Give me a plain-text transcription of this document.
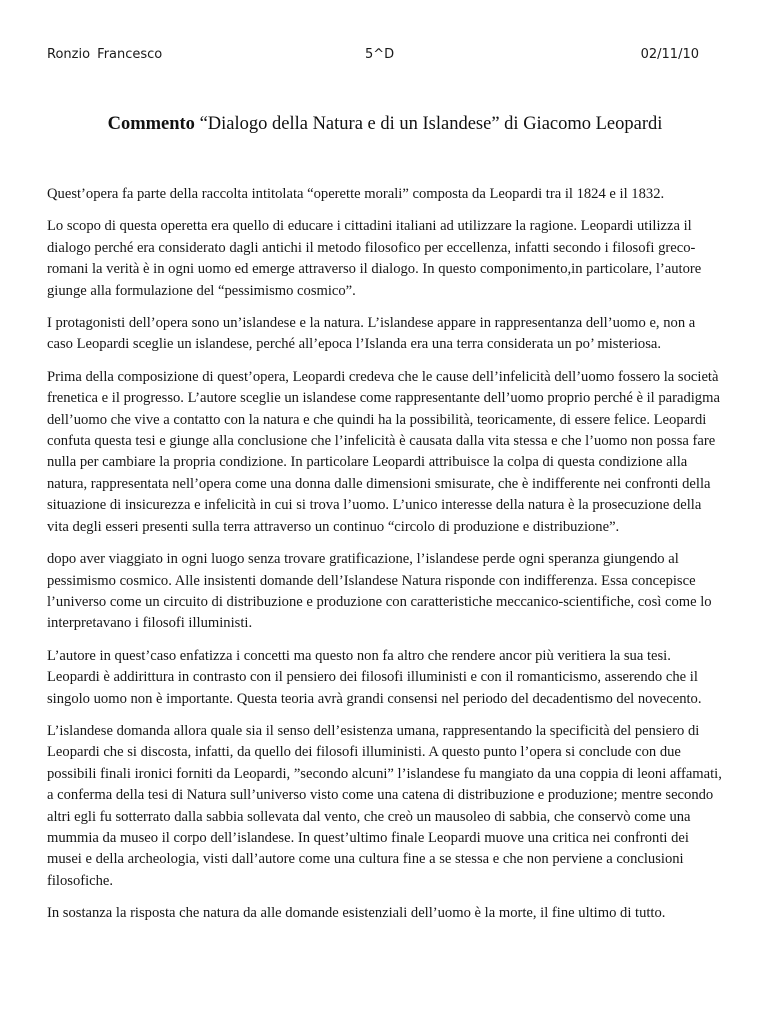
Ronzio Francesco	5^D	02/11/10
Commento “Dialogo della Natura e di un Islandese” di Giacomo Leopardi

Quest’opera fa parte della raccolta intitolata “operette morali” composta da Leopardi tra il 1824 e il 1832.

Lo scopo di questa operetta era quello di educare i cittadini italiani ad utilizzare la ragione. Leopardi utilizza il dialogo perché era considerato dagli antichi il metodo filosofico per eccellenza, infatti secondo i filosofi greco-romani la verità è in ogni uomo ed emerge attraverso il dialogo. In questo componimento,in particolare, l’autore giunge alla formulazione del “pessimismo cosmico”.

I protagonisti dell’opera sono un’islandese e la natura. L’islandese appare in rappresentanza dell’uomo e, non a caso Leopardi sceglie un islandese, perché all’epoca l’Islanda era una terra considerata un po’ misteriosa.

Prima della composizione di quest’opera, Leopardi credeva che le cause dell’infelicità dell’uomo fossero la società frenetica e il progresso. L’autore sceglie un islandese come rappresentante dell’uomo proprio perché è il paradigma dell’uomo che vive a contatto con la natura e che quindi ha la possibilità, teoricamente, di essere felice. Leopardi confuta questa tesi e giunge alla conclusione che l’infelicità è causata dalla vita stessa e che l’uomo non possa fare nulla per cambiare la propria condizione. In particolare Leopardi attribuisce la colpa di questa condizione alla natura, rappresentata nell’opera come una donna dalle dimensioni smisurate, che è indifferente nei confronti della situazione di insicurezza e infelicità in cui si trova l’uomo. L’unico interesse della natura è la prosecuzione della vita degli esseri presenti sulla terra attraverso un continuo “circolo di produzione e distribuzione”.

dopo aver viaggiato in ogni luogo senza trovare gratificazione, l’islandese perde ogni speranza giungendo al pessimismo cosmico. Alle insistenti domande dell’Islandese Natura risponde con indifferenza. Essa concepisce l’universo come un circuito di distribuzione e produzione con caratteristiche meccanico-scientifiche, così come lo interpretavano i filosofi illuministi.

L’autore in quest’caso enfatizza i concetti ma questo non fa altro che rendere ancor più veritiera la sua tesi. Leopardi è addirittura in contrasto con il pensiero dei filosofi illuministi e con il romanticismo, asserendo che il singolo uomo non è importante. Questa teoria avrà grandi consensi nel periodo del decadentismo del novecento.

L’islandese domanda allora quale sia il senso dell’esistenza umana, rappresentando la specificità del pensiero di Leopardi che si discosta, infatti, da quello dei filosofi illuministi. A questo punto l’opera si conclude con due possibili finali ironici forniti da Leopardi, ”secondo alcuni” l’islandese fu mangiato da una coppia di leoni affamati, a conferma della tesi di Natura sull’universo visto come una catena di distribuzione e produzione; mentre secondo altri egli fu sotterrato dalla sabbia sollevata dal vento, che creò un mausoleo di sabbia, che conservò come una mummia da museo il corpo dell’islandese. In quest’ultimo finale Leopardi muove una critica nei confronti dei musei e della archeologia, visti dall’autore come una cultura fine a se stessa e che non perviene a conclusioni filosofiche.

In sostanza la risposta che natura da alle domande esistenziali dell’uomo è la morte, il fine ultimo di tutto.
